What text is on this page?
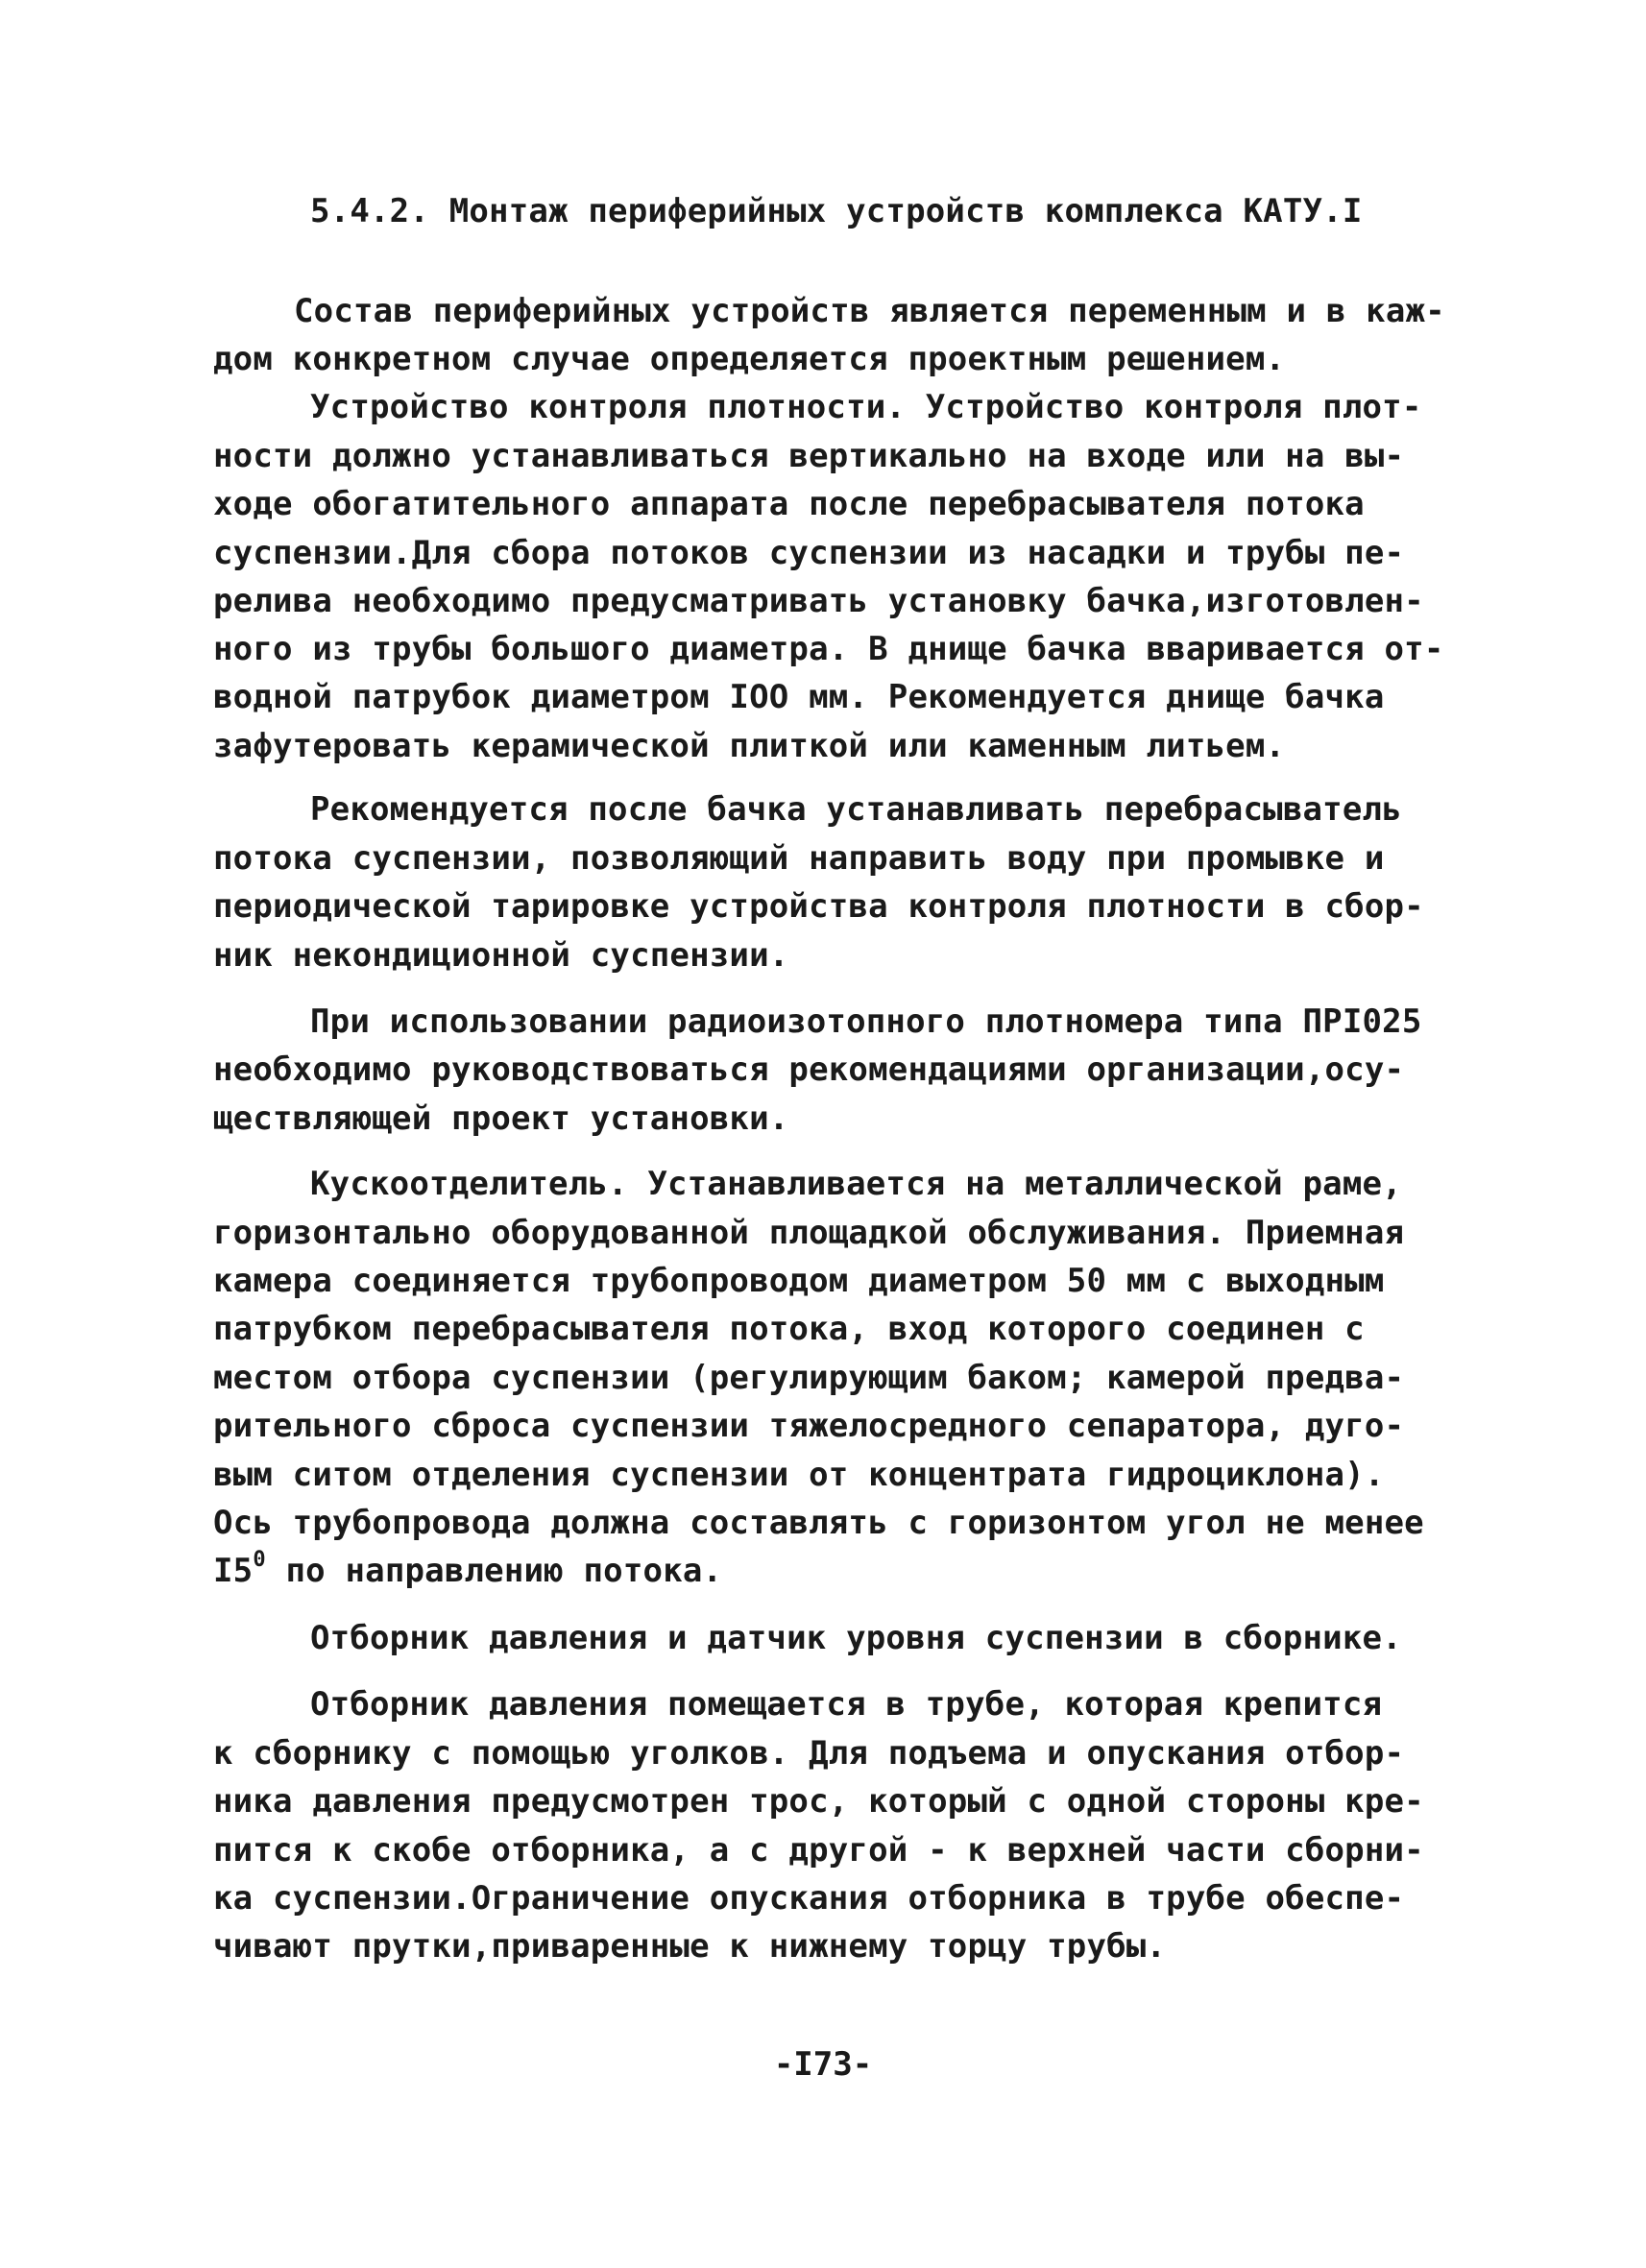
5.4.2. Монтаж периферийных устройств комплекса КАТУ.I
Состав периферийных устройств является переменным и в каж-
дом конкретном случае определяется проектным решением.
Устройство контроля плотности. Устройство контроля плот-
ности должно устанавливаться вертикально на входе или на вы-
ходе обогатительного аппарата после перебрасывателя потока
суспензии.Для сбора потоков суспензии из насадки и трубы пе-
релива необходимо предусматривать установку бачка,изготовлен-
ного из трубы большого диаметра. В днище бачка вваривается от-
водной патрубок диаметром IOO мм. Рекомендуется днище бачка
зафутеровать керамической плиткой или каменным литьем.
Рекомендуется после бачка устанавливать перебрасыватель
потока суспензии, позволяющий направить воду при промывке и
периодической тарировке устройства контроля плотности в сбор-
ник некондиционной суспензии.
При использовании радиоизотопного плотномера типа ПРI025
необходимо руководствоваться рекомендациями организации,осу-
ществляющей проект установки.
Кускоотделитель. Устанавливается на металлической раме,
горизонтально оборудованной площадкой обслуживания. Приемная
камера соединяется трубопроводом диаметром 50 мм с выходным
патрубком перебрасывателя потока, вход которого соединен с
местом отбора суспензии (регулирующим баком; камерой предва-
рительного сброса суспензии тяжелосредного сепаратора, дуго-
вым ситом отделения суспензии от концентрата гидроциклона).
Ось трубопровода должна составлять с горизонтом угол не менее
$I5^0$ по направлению потока.
Отборник давления и датчик уровня суспензии в сборнике.
Отборник давления помещается в трубе, которая крепится
к сборнику с помощью уголков. Для подъема и опускания отбор-
ника давления предусмотрен трос, который с одной стороны кре-
пится к скобе отборника, а с другой - к верхней части сборни-
ка суспензии.Ограничение опускания отборника в трубе обеспе-
чивают прутки,приваренные к нижнему торцу трубы.
-I73-
